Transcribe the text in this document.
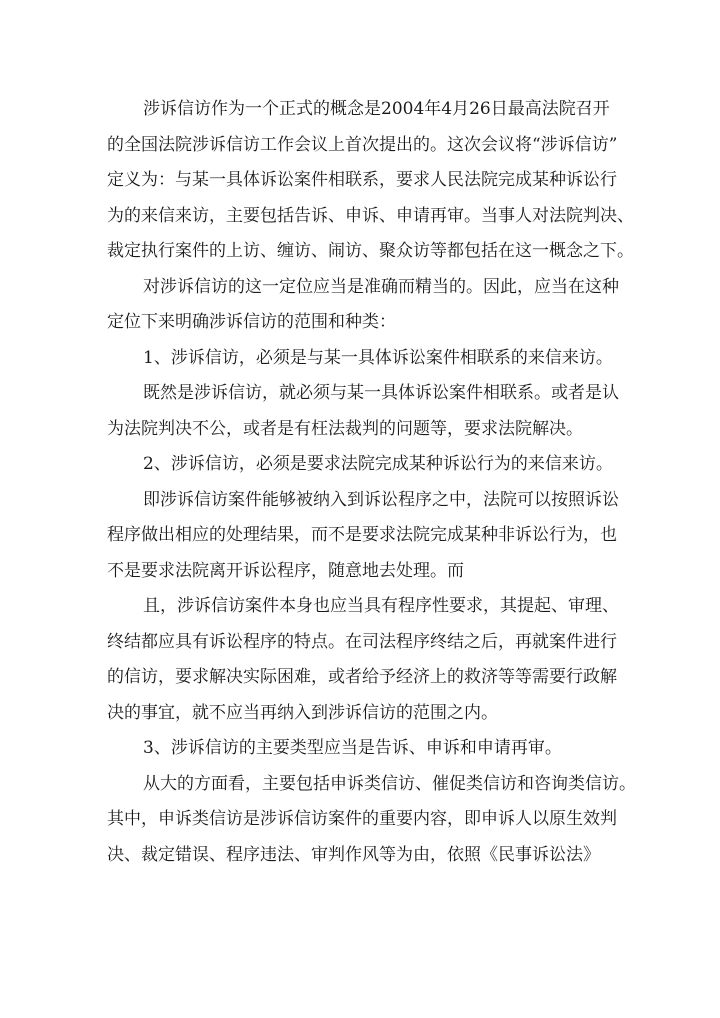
涉诉信访作为一个正式的概念是2004年4月26日最高法院召开
的全国法院涉诉信访工作会议上首次提出的。这次会议将“涉诉信访”
定义为：与某一具体诉讼案件相联系，要求人民法院完成某种诉讼行
为的来信来访，主要包括告诉、申诉、申请再审。当事人对法院判决、
裁定执行案件的上访、缠访、闹访、聚众访等都包括在这一概念之下。
对涉诉信访的这一定位应当是准确而精当的。因此，应当在这种
定位下来明确涉诉信访的范围和种类：
1、涉诉信访，必须是与某一具体诉讼案件相联系的来信来访。
既然是涉诉信访，就必须与某一具体诉讼案件相联系。或者是认
为法院判决不公，或者是有枉法裁判的问题等，要求法院解决。
2、涉诉信访，必须是要求法院完成某种诉讼行为的来信来访。
即涉诉信访案件能够被纳入到诉讼程序之中，法院可以按照诉讼
程序做出相应的处理结果，而不是要求法院完成某种非诉讼行为，也
不是要求法院离开诉讼程序，随意地去处理。而
且，涉诉信访案件本身也应当具有程序性要求，其提起、审理、
终结都应具有诉讼程序的特点。在司法程序终结之后，再就案件进行
的信访，要求解决实际困难，或者给予经济上的救济等等需要行政解
决的事宜，就不应当再纳入到涉诉信访的范围之内。
3、涉诉信访的主要类型应当是告诉、申诉和申请再审。
从大的方面看，主要包括申诉类信访、催促类信访和咨询类信访。
其中，申诉类信访是涉诉信访案件的重要内容，即申诉人以原生效判
决、裁定错误、程序违法、审判作风等为由，依照《民事诉讼法》
